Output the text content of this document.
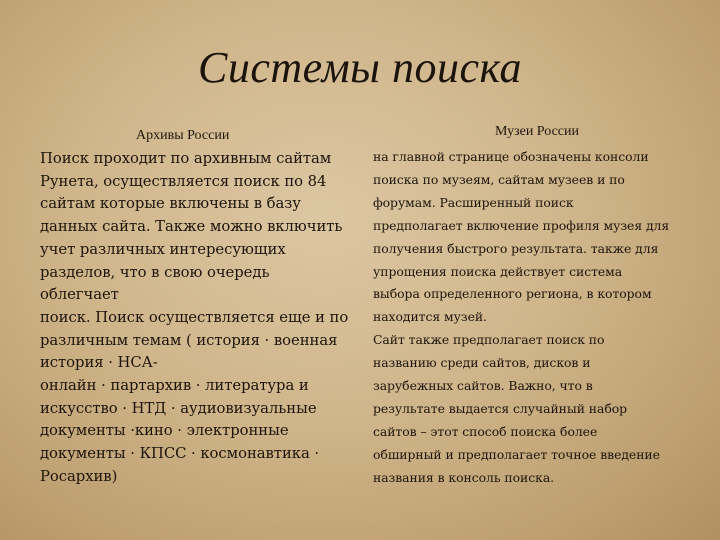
Системы поиска
Архивы России
Поиск проходит по архивным сайтам
Рунета, осуществляется поиск по 84
сайтам которые включены в базу
данных сайта. Также можно включить
учет различных интересующих
разделов, что в свою очередь облегчает
поиск. Поиск осуществляется еще и по
различным темам ( история · военная
история · НСА-
онлайн · партархив · литература и
искусство · НТД · аудиовизуальные
документы ·кино · электронные
документы · КПСС · космонавтика ·
Росархив)
Музеи России
на главной странице обозначены консоли
поиска по музеям, сайтам музеев и по
форумам. Расширенный поиск
предполагает включение профиля музея для
получения быстрого результата. также для
упрощения поиска действует система
выбора определенного региона, в котором
находится музей.
Сайт также предполагает поиск по
названию среди сайтов, дисков и
зарубежных сайтов. Важно, что в
результате выдается случайный набор
сайтов – этот способ поиска более
обширный и предполагает точное введение
названия в консоль поиска.
